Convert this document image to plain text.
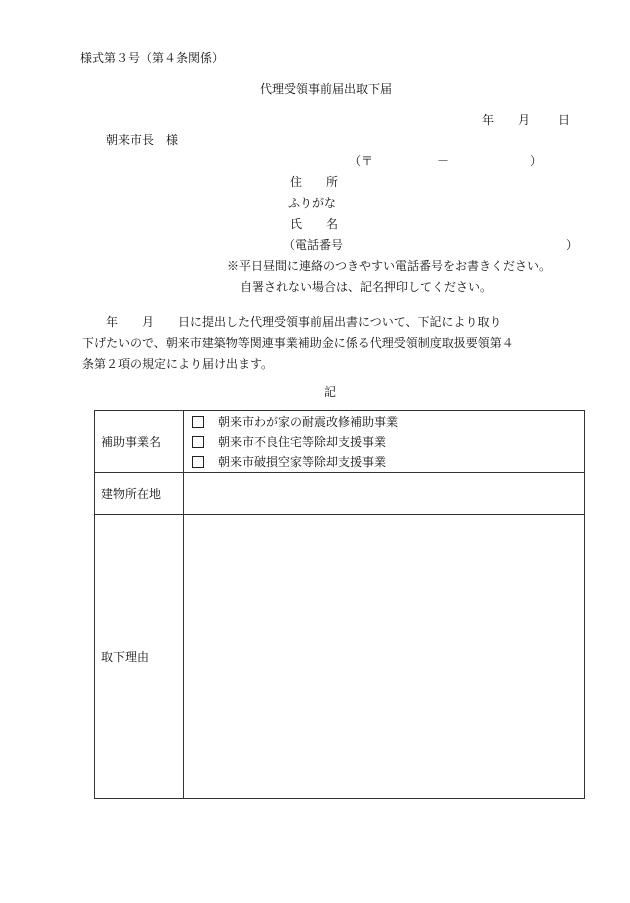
様式第３号（第４条関係）
代理受領事前届出取下届
年 月 日
朝来市長　様
（〒	－	）
住　　所
ふりがな
氏　　名
（電話番号	）
※平日昼間に連絡のつきやすい電話番号をお書きください。
自署されない場合は、記名押印してください。
　　年　　月　　日に提出した代理受領事前届出書について、下記により取り
下げたいので、朝来市建築物等関連事業補助金に係る代理受領制度取扱要領第４
条第２項の規定により届け出ます。
記
補助事業名	朝来市わが家の耐震改修補助事業
朝来市不良住宅等除却支援事業
朝来市破損空家等除却支援事業

建物所在地	
取下理由	
